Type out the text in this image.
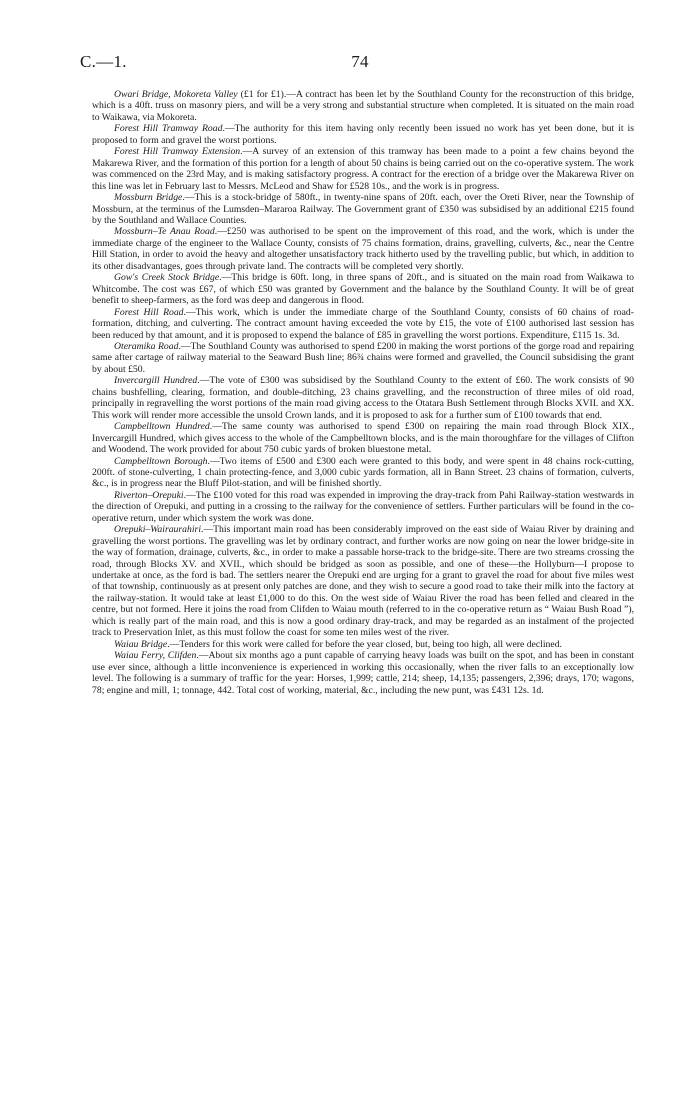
C.—1.	74

Owari Bridge, Mokoreta Valley (£1 for £1).—A contract has been let by the Southland County for the reconstruction of this bridge, which is a 40ft. truss on masonry piers, and will be a very strong and substantial structure when completed. It is situated on the main road to Waikawa, via Mokoreta.

Forest Hill Tramway Road.—The authority for this item having only recently been issued no work has yet been done, but it is proposed to form and gravel the worst portions.

Forest Hill Tramway Extension.—A survey of an extension of this tramway has been made to a point a few chains beyond the Makarewa River, and the formation of this portion for a length of about 50 chains is being carried out on the co-operative system. The work was commenced on the 23rd May, and is making satisfactory progress. A contract for the erection of a bridge over the Makarewa River on this line was let in February last to Messrs. McLeod and Shaw for £528 10s., and the work is in progress.

Mossburn Bridge.—This is a stock-bridge of 580ft., in twenty-nine spans of 20ft. each, over the Oreti River, near the Township of Mossburn, at the terminus of the Lumsden–Mararoa Railway. The Government grant of £350 was subsidised by an additional £215 found by the Southland and Wallace Counties.

Mossburn–Te Anau Road.—£250 was authorised to be spent on the improvement of this road, and the work, which is under the immediate charge of the engineer to the Wallace County, consists of 75 chains formation, drains, gravelling, culverts, &c., near the Centre Hill Station, in order to avoid the heavy and altogether unsatisfactory track hitherto used by the travelling public, but which, in addition to its other disadvantages, goes through private land. The contracts will be completed very shortly.

Gow's Creek Stock Bridge.—This bridge is 60ft. long, in three spans of 20ft., and is situated on the main road from Waikawa to Whitcombe. The cost was £67, of which £50 was granted by Government and the balance by the Southland County. It will be of great benefit to sheep-farmers, as the ford was deep and dangerous in flood.

Forest Hill Road.—This work, which is under the immediate charge of the Southland County, consists of 60 chains of road-formation, ditching, and culverting. The contract amount having exceeded the vote by £15, the vote of £100 authorised last session has been reduced by that amount, and it is proposed to expend the balance of £85 in gravelling the worst portions. Expenditure, £115 1s. 3d.

Oteramika Road.—The Southland County was authorised to spend £200 in making the worst portions of the gorge road and repairing same after cartage of railway material to the Seaward Bush line; 86¾ chains were formed and gravelled, the Council subsidising the grant by about £50.

Invercargill Hundred.—The vote of £300 was subsidised by the Southland County to the extent of £60. The work consists of 90 chains bushfelling, clearing, formation, and double-ditching, 23 chains gravelling, and the reconstruction of three miles of old road, principally in regravelling the worst portions of the main road giving access to the Otatara Bush Settlement through Blocks XVII. and XX. This work will render more accessible the unsold Crown lands, and it is proposed to ask for a further sum of £100 towards that end.

Campbelltown Hundred.—The same county was authorised to spend £300 on repairing the main road through Block XIX., Invercargill Hundred, which gives access to the whole of the Campbelltown blocks, and is the main thoroughfare for the villages of Clifton and Woodend. The work provided for about 750 cubic yards of broken bluestone metal.

Campbelltown Borough.—Two items of £500 and £300 each were granted to this body, and were spent in 48 chains rock-cutting, 200ft. of stone-culverting, 1 chain protecting-fence, and 3,000 cubic yards formation, all in Bann Street. 23 chains of formation, culverts, &c., is in progress near the Bluff Pilot-station, and will be finished shortly.

Riverton–Orepuki.—The £100 voted for this road was expended in improving the dray-track from Pahi Railway-station westwards in the direction of Orepuki, and putting in a crossing to the railway for the convenience of settlers. Further particulars will be found in the co-operative return, under which system the work was done.

Orepuki–Wairaurahiri.—This important main road has been considerably improved on the east side of Waiau River by draining and gravelling the worst portions. The gravelling was let by ordinary contract, and further works are now going on near the lower bridge-site in the way of formation, drainage, culverts, &c., in order to make a passable horse-track to the bridge-site. There are two streams crossing the road, through Blocks XV. and XVII., which should be bridged as soon as possible, and one of these—the Hollyburn—I propose to undertake at once, as the ford is bad. The settlers nearer the Orepuki end are urging for a grant to gravel the road for about five miles west of that township, continuously as at present only patches are done, and they wish to secure a good road to take their milk into the factory at the railway-station. It would take at least £1,000 to do this. On the west side of Waiau River the road has been felled and cleared in the centre, but not formed. Here it joins the road from Clifden to Waiau mouth (referred to in the co-operative return as “ Waiau Bush Road ”), which is really part of the main road, and this is now a good ordinary dray-track, and may be regarded as an instalment of the projected track to Preservation Inlet, as this must follow the coast for some ten miles west of the river.

Waiau Bridge.—Tenders for this work were called for before the year closed, but, being too high, all were declined.

Waiau Ferry, Clifden.—About six months ago a punt capable of carrying heavy loads was built on the spot, and has been in constant use ever since, although a little inconvenience is experienced in working this occasionally, when the river falls to an exceptionally low level. The following is a summary of traffic for the year: Horses, 1,999; cattle, 214; sheep, 14,135; passengers, 2,396; drays, 170; wagons, 78; engine and mill, 1; tonnage, 442. Total cost of working, material, &c., including the new punt, was £431 12s. 1d.
